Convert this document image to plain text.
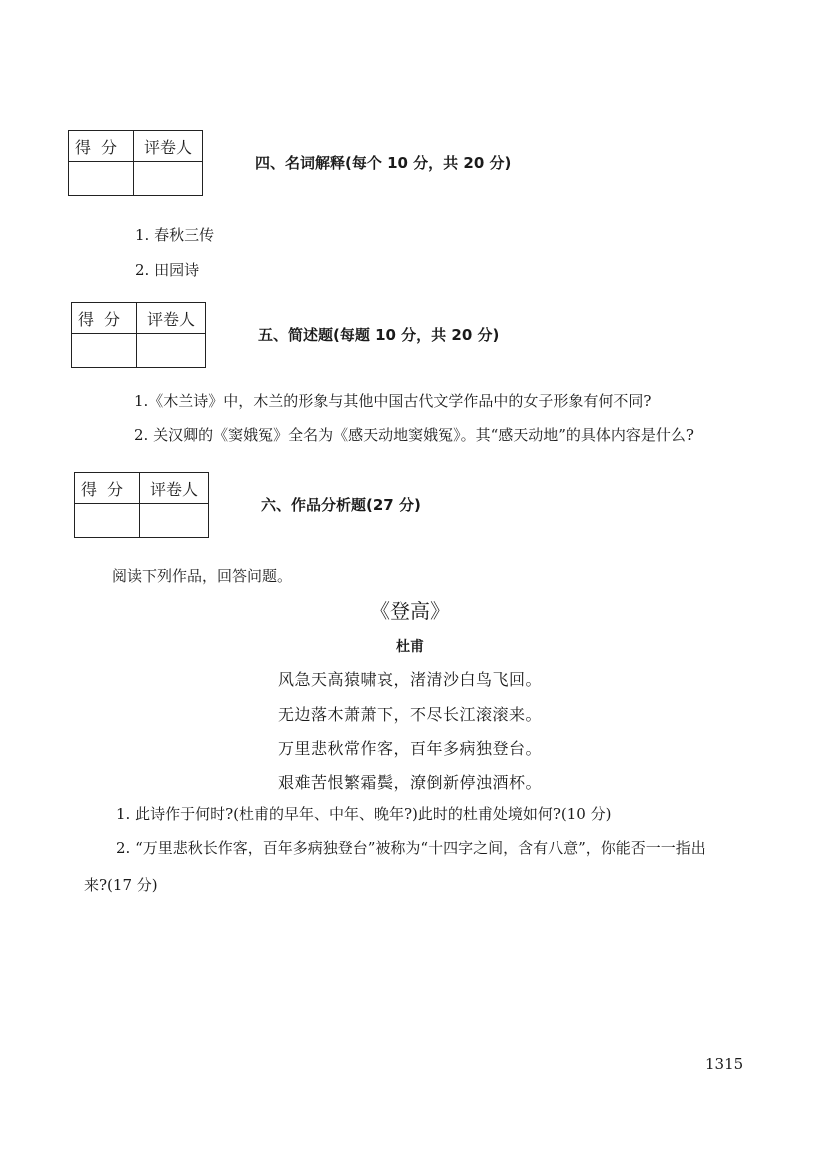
得分	评卷人

四、名词解释(每个 10 分，共 20 分)
1. 春秋三传
2. 田园诗
得分	评卷人

五、简述题(每题 10 分，共 20 分)
1.《木兰诗》中，木兰的形象与其他中国古代文学作品中的女子形象有何不同?
2. 关汉卿的《窦娥冤》全名为《感天动地窦娥冤》。其“感天动地”的具体内容是什么?
得分	评卷人

六、作品分析题(27 分)
阅读下列作品，回答问题。
《登高》
杜甫
风急天高猿啸哀，渚清沙白鸟飞回。
无边落木萧萧下，不尽长江滚滚来。
万里悲秋常作客，百年多病独登台。
艰难苦恨繁霜鬓，潦倒新停浊酒杯。
1. 此诗作于何时?(杜甫的早年、中年、晚年?)此时的杜甫处境如何?(10 分)
2. “万里悲秋长作客，百年多病独登台”被称为“十四字之间，含有八意”，你能否一一指出
来?(17 分)
1315
